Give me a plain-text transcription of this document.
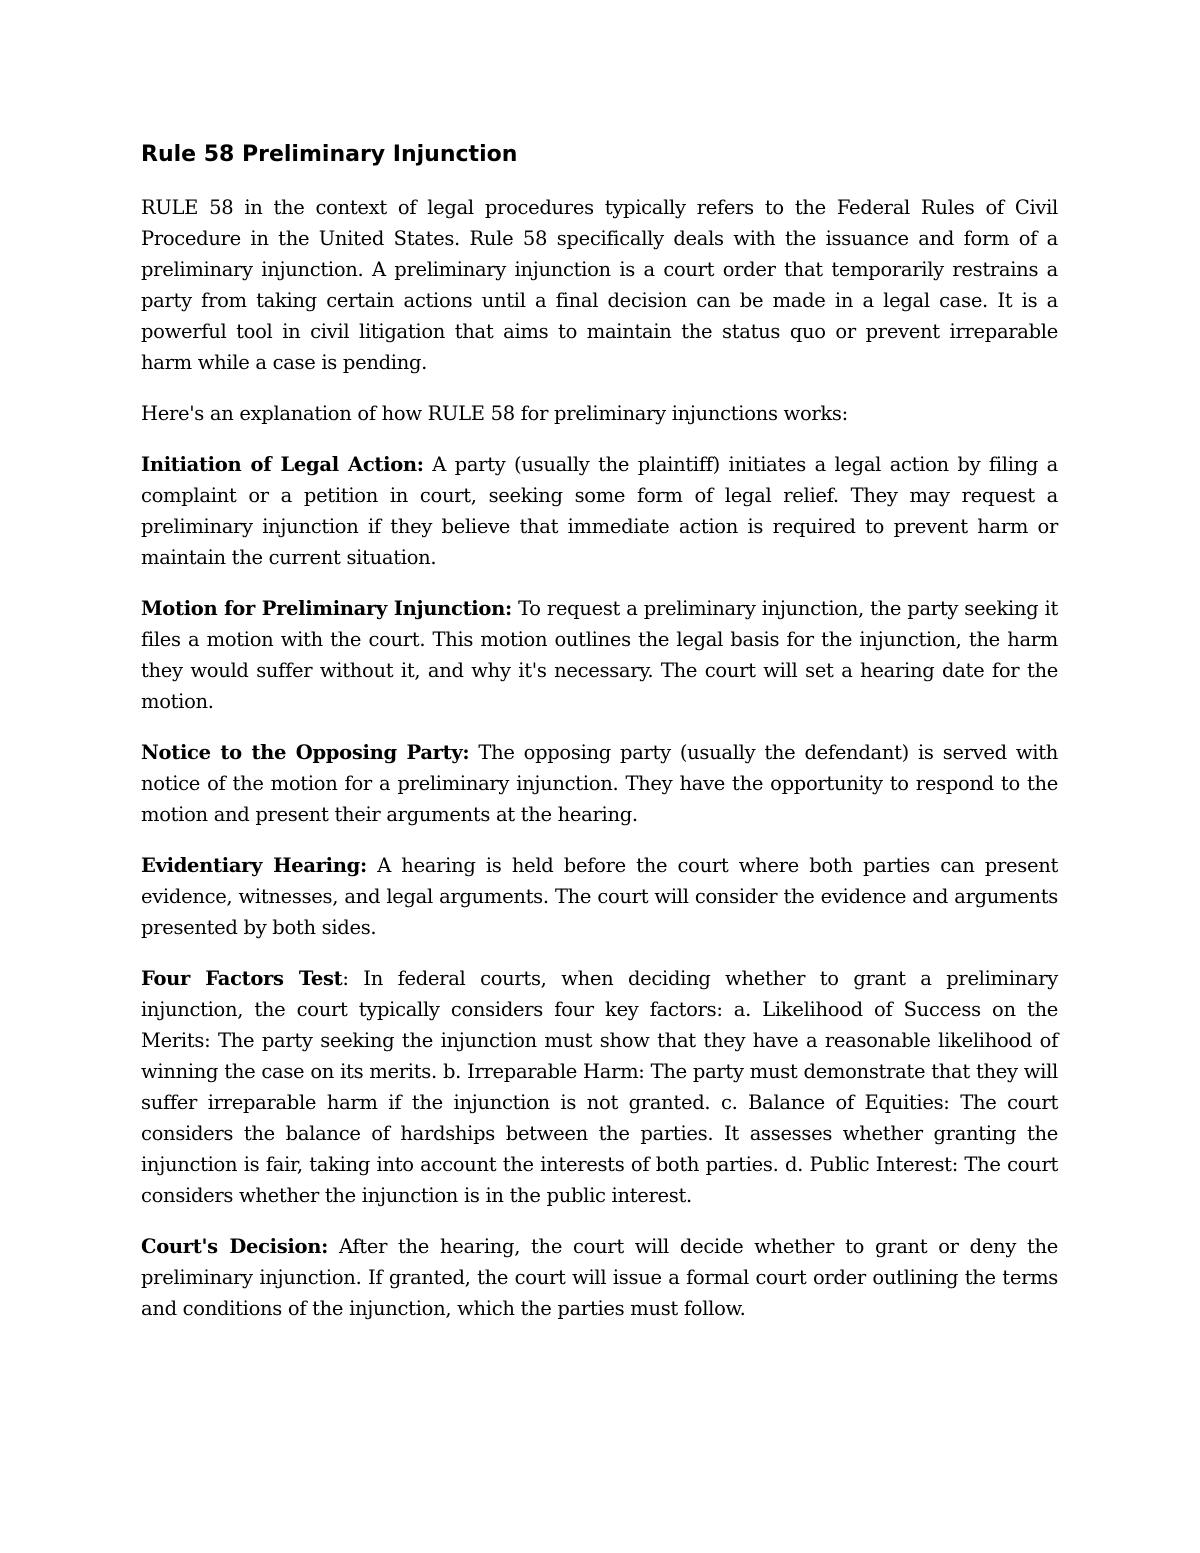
Rule 58 Preliminary Injunction

RULE 58 in the context of legal procedures typically refers to the Federal Rules of Civil Procedure in the United States. Rule 58 specifically deals with the issuance and form of a preliminary injunction. A preliminary injunction is a court order that temporarily restrains a party from taking certain actions until a final decision can be made in a legal case. It is a powerful tool in civil litigation that aims to maintain the status quo or prevent irreparable harm while a case is pending.

Here's an explanation of how RULE 58 for preliminary injunctions works:

Initiation of Legal Action: A party (usually the plaintiff) initiates a legal action by filing a complaint or a petition in court, seeking some form of legal relief. They may request a preliminary injunction if they believe that immediate action is required to prevent harm or maintain the current situation.

Motion for Preliminary Injunction: To request a preliminary injunction, the party seeking it files a motion with the court. This motion outlines the legal basis for the injunction, the harm they would suffer without it, and why it's necessary. The court will set a hearing date for the motion.

Notice to the Opposing Party: The opposing party (usually the defendant) is served with notice of the motion for a preliminary injunction. They have the opportunity to respond to the motion and present their arguments at the hearing.

Evidentiary Hearing: A hearing is held before the court where both parties can present evidence, witnesses, and legal arguments. The court will consider the evidence and arguments presented by both sides.

Four Factors Test: In federal courts, when deciding whether to grant a preliminary injunction, the court typically considers four key factors: a. Likelihood of Success on the Merits: The party seeking the injunction must show that they have a reasonable likelihood of winning the case on its merits. b. Irreparable Harm: The party must demonstrate that they will suffer irreparable harm if the injunction is not granted. c. Balance of Equities: The court considers the balance of hardships between the parties. It assesses whether granting the injunction is fair, taking into account the interests of both parties. d. Public Interest: The court considers whether the injunction is in the public interest.

Court's Decision: After the hearing, the court will decide whether to grant or deny the preliminary injunction. If granted, the court will issue a formal court order outlining the terms and conditions of the injunction, which the parties must follow.
